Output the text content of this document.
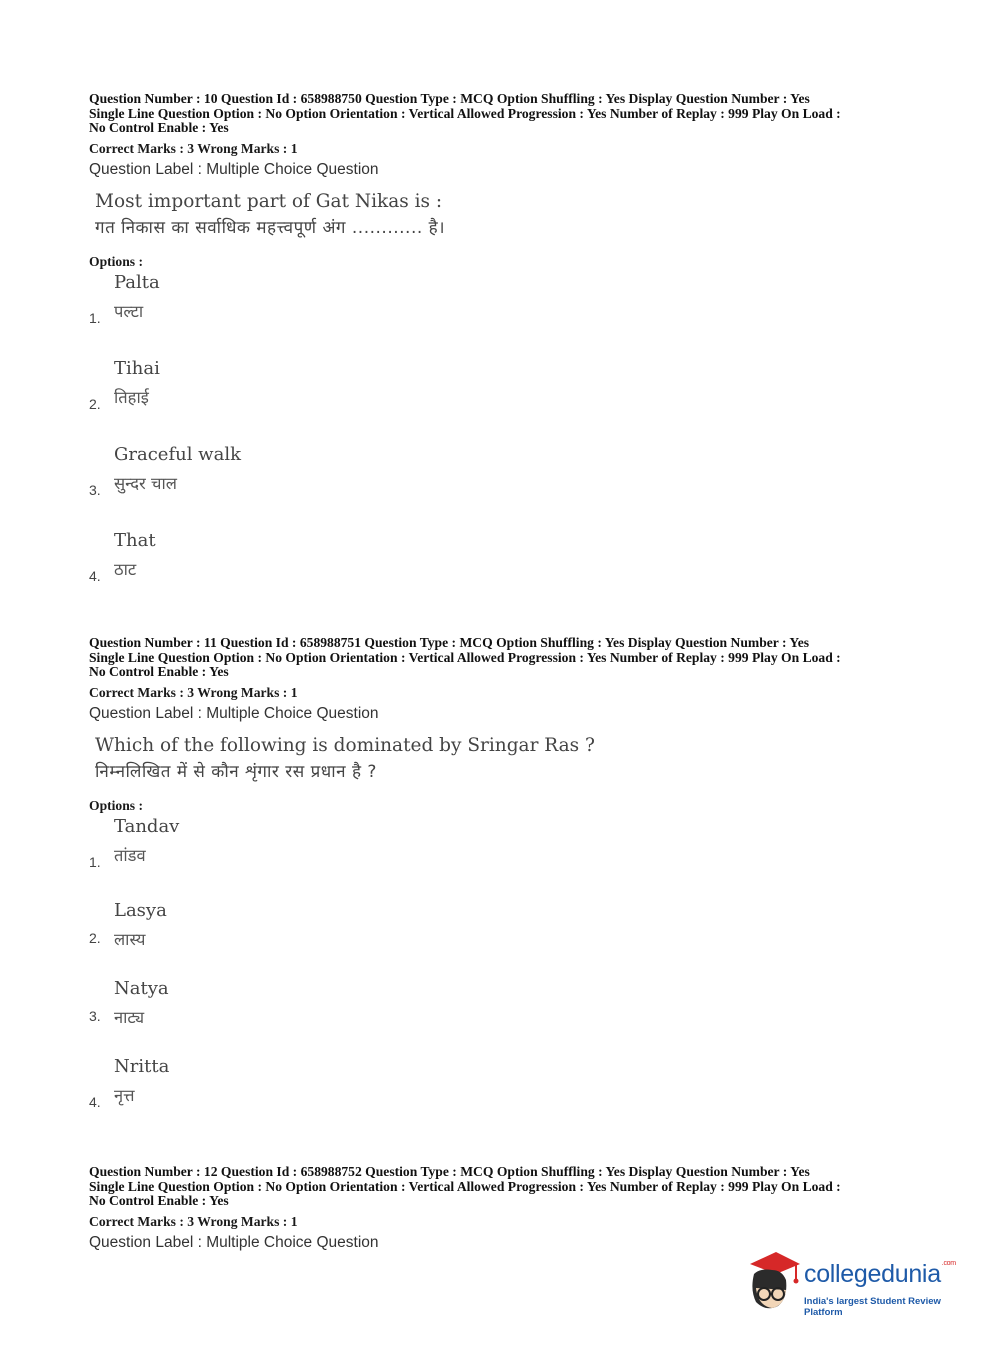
Question Number : 10 Question Id : 658988750 Question Type : MCQ Option Shuffling : Yes Display Question Number : Yes
Single Line Question Option : No Option Orientation : Vertical Allowed Progression : Yes Number of Replay : 999 Play On Load :
No Control Enable : Yes
Correct Marks : 3 Wrong Marks : 1
Question Label : Multiple Choice Question
Most important part of Gat Nikas is :
गत निकास का सर्वाधिक महत्त्वपूर्ण अंग ............ है।
Options :
Palta
पल्टा
1.
Tihai
तिहाई
2.
Graceful walk
सुन्दर चाल
3.
That
ठाट
4.
Question Number : 11 Question Id : 658988751 Question Type : MCQ Option Shuffling : Yes Display Question Number : Yes
Single Line Question Option : No Option Orientation : Vertical Allowed Progression : Yes Number of Replay : 999 Play On Load :
No Control Enable : Yes
Correct Marks : 3 Wrong Marks : 1
Question Label : Multiple Choice Question
Which of the following is dominated by Sringar Ras ?
निम्नलिखित में से कौन शृंगार रस प्रधान है ?
Options :
Tandav
तांडव
1.
Lasya
लास्य
2.
Natya
नाट्य
3.
Nritta
नृत्त
4.
Question Number : 12 Question Id : 658988752 Question Type : MCQ Option Shuffling : Yes Display Question Number : Yes
Single Line Question Option : No Option Orientation : Vertical Allowed Progression : Yes Number of Replay : 999 Play On Load :
No Control Enable : Yes
Correct Marks : 3 Wrong Marks : 1
Question Label : Multiple Choice Question
collegedunia$^{.com}$
India's largest Student Review Platform
